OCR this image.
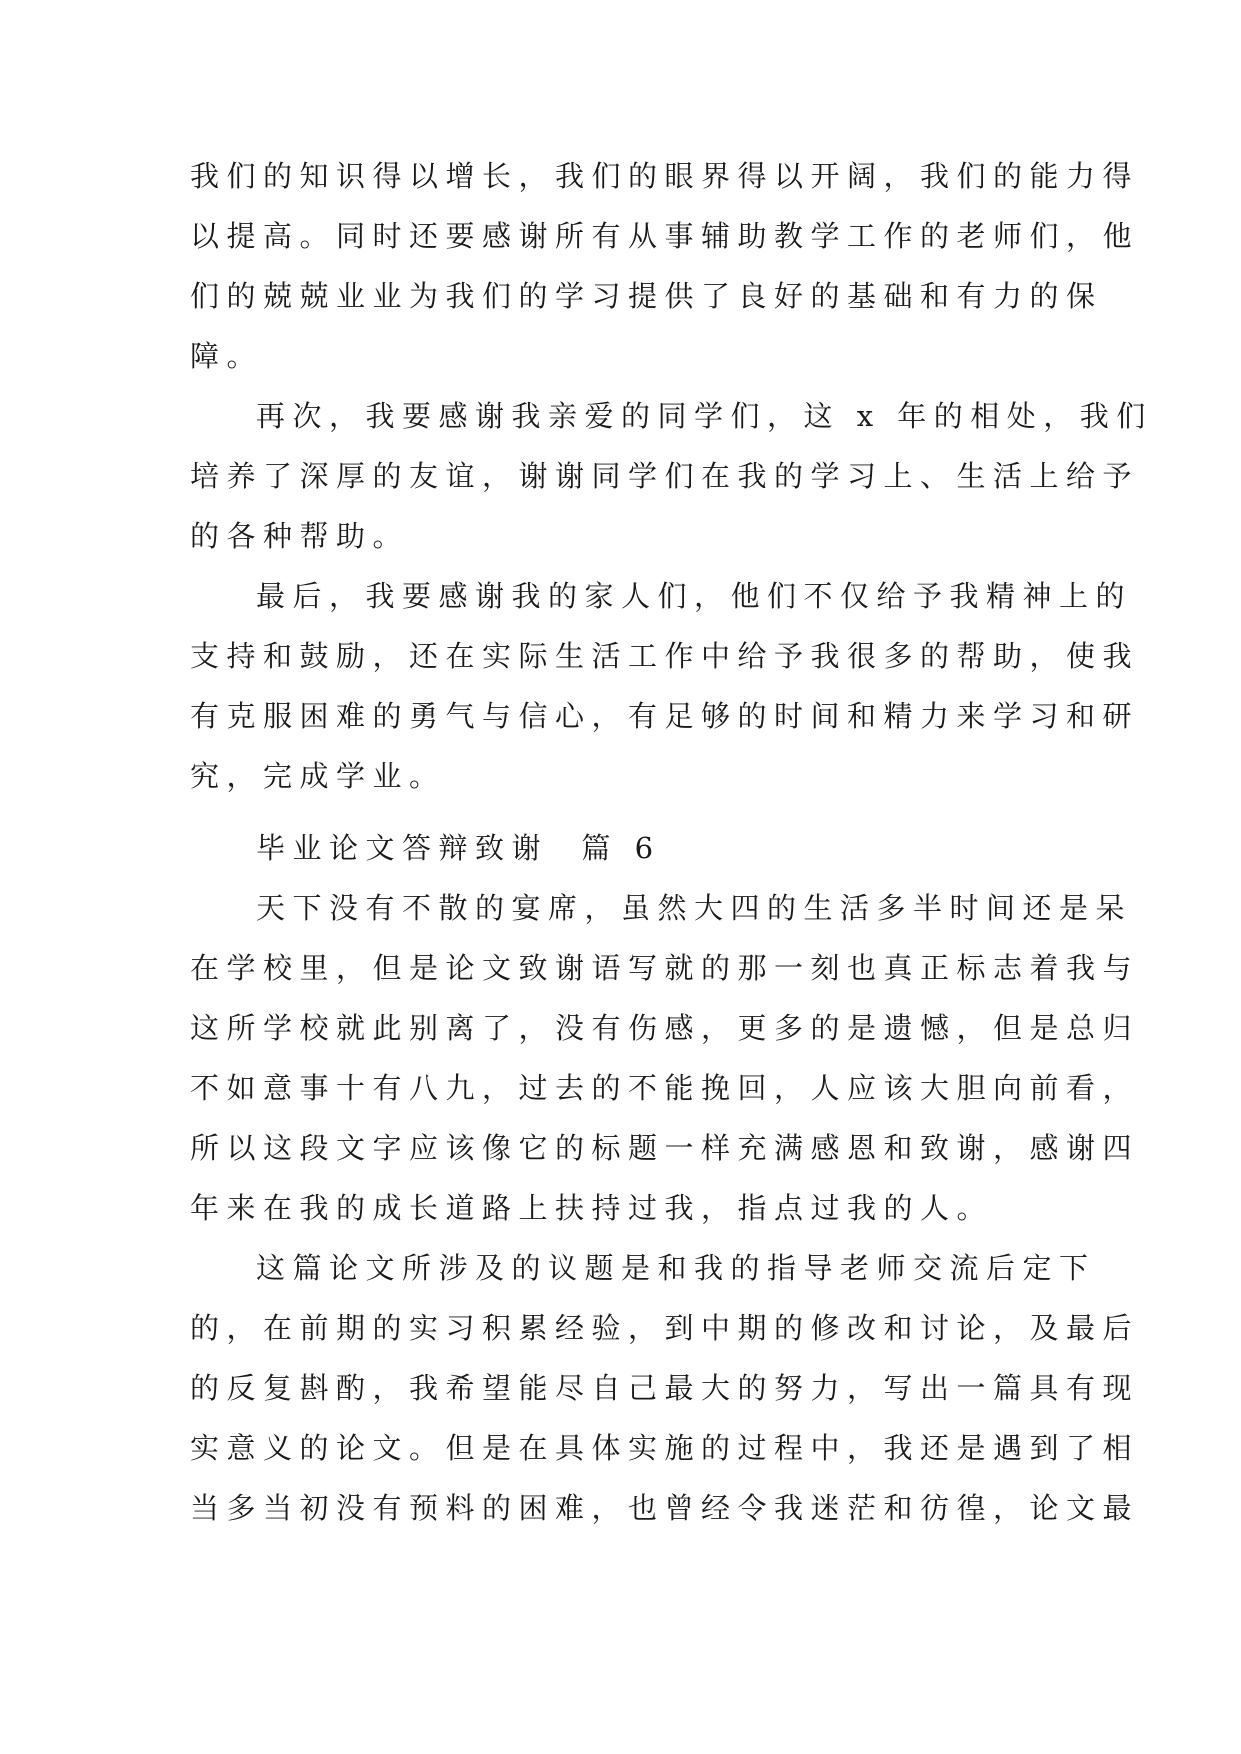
我们的知识得以增长，我们的眼界得以开阔，我们的能力得
以提高。同时还要感谢所有从事辅助教学工作的老师们，他
们的兢兢业业为我们的学习提供了良好的基础和有力的保
障。

再次，我要感谢我亲爱的同学们，这 x 年的相处，我们
培养了深厚的友谊，谢谢同学们在我的学习上、生活上给予
的各种帮助。

最后，我要感谢我的家人们，他们不仅给予我精神上的
支持和鼓励，还在实际生活工作中给予我很多的帮助，使我
有克服困难的勇气与信心，有足够的时间和精力来学习和研
究，完成学业。

毕业论文答辩致谢  篇 6

天下没有不散的宴席，虽然大四的生活多半时间还是呆
在学校里，但是论文致谢语写就的那一刻也真正标志着我与
这所学校就此别离了，没有伤感，更多的是遗憾，但是总归
不如意事十有八九，过去的不能挽回，人应该大胆向前看，
所以这段文字应该像它的标题一样充满感恩和致谢，感谢四
年来在我的成长道路上扶持过我，指点过我的人。

这篇论文所涉及的议题是和我的指导老师交流后定下
的，在前期的实习积累经验，到中期的修改和讨论，及最后
的反复斟酌，我希望能尽自己最大的努力，写出一篇具有现
实意义的论文。但是在具体实施的过程中，我还是遇到了相
当多当初没有预料的困难，也曾经令我迷茫和彷徨，论文最
